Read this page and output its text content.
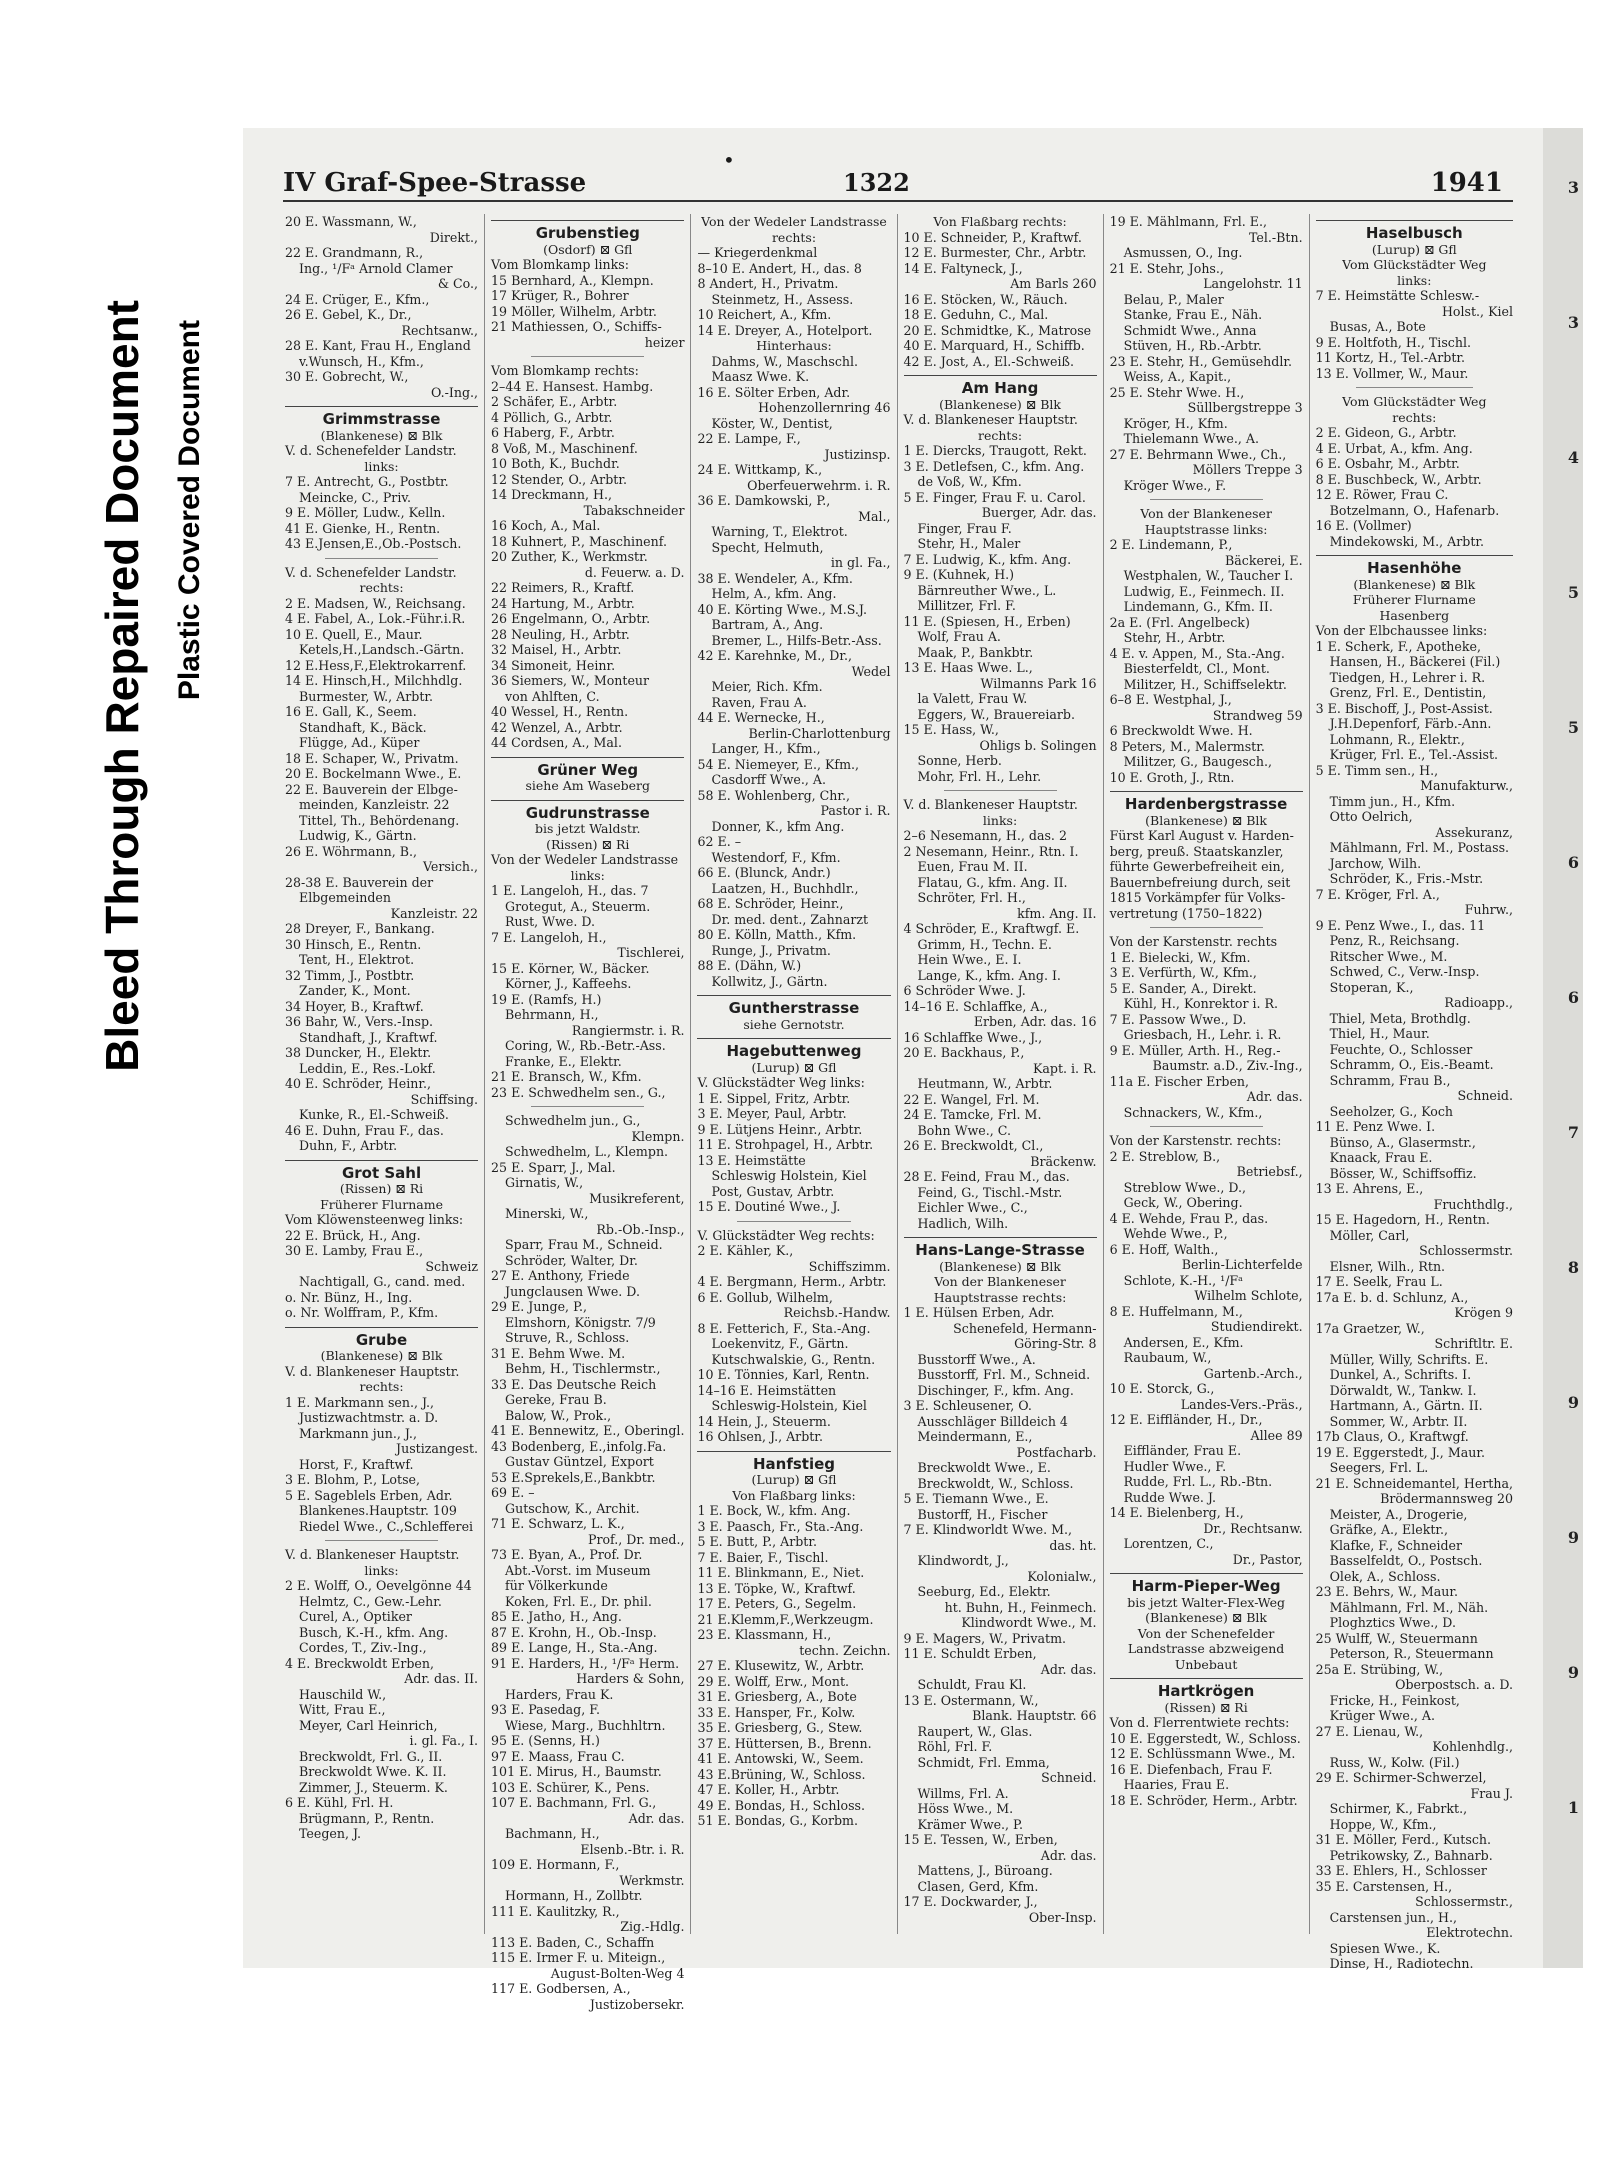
Bleed Through Repaired Document Plastic Covered Document
IV Graf-Spee-Strasse
•
1322	1941
20 E. Wassmann, W.,
Direkt.,
22 E. Grandmann, R.,
Ing., ¹/Fᵃ Arnold Clamer
& Co.,
24 E. Crüger, E., Kfm.,
26 E. Gebel, K., Dr.,
Rechtsanw.,
28 E. Kant, Frau H., England
v.Wunsch, H., Kfm.,
30 E. Gobrecht, W.,
O.-Ing.,
Grimmstrasse
(Blankenese) ⊠ Blk
V. d. Schenefelder Landstr.
links:
7 E. Antrecht, G., Postbtr.
Meincke, C., Priv.
9 E. Möller, Ludw., Kelln.
41 E. Gienke, H., Rentn.
43 E.Jensen,E.,Ob.-Postsch.
V. d. Schenefelder Landstr.
rechts:
2 E. Madsen, W., Reichsang.
4 E. Fabel, A., Lok.-Führ.i.R.
10 E. Quell, E., Maur.
Ketels,H.,Landsch.-Gärtn.
12 E.Hess,F.,Elektrokarrenf.
14 E. Hinsch,H., Milchhdlg.
Burmester, W., Arbtr.
16 E. Gall, K., Seem.
Standhaft, K., Bäck.
Flügge, Ad., Küper
18 E. Schaper, W., Privatm.
20 E. Bockelmann Wwe., E.
22 E. Bauverein der Elbge-
meinden, Kanzleistr. 22
Tittel, Th., Behördenang.
Ludwig, K., Gärtn.
26 E. Wöhrmann, B.,
Versich.,
28-38 E. Bauverein der
Elbgemeinden
Kanzleistr. 22
28 Dreyer, F., Bankang.
30 Hinsch, E., Rentn.
Tent, H., Elektrot.
32 Timm, J., Postbtr.
Zander, K., Mont.
34 Hoyer, B., Kraftwf.
36 Bahr, W., Vers.-Insp.
Standhaft, J., Kraftwf.
38 Duncker, H., Elektr.
Leddin, E., Res.-Lokf.
40 E. Schröder, Heinr.,
Schiffsing.
Kunke, R., El.-Schweiß.
46 E. Duhn, Frau F., das.
Duhn, F., Arbtr.
Grot Sahl
(Rissen) ⊠ Ri
Früherer Flurname
Vom Klöwensteenweg links:
22 E. Brück, H., Ang.
30 E. Lamby, Frau E.,
Schweiz
Nachtigall, G., cand. med.
o. Nr. Bünz, H., Ing.
o. Nr. Wolffram, P., Kfm.
Grube
(Blankenese) ⊠ Blk
V. d. Blankeneser Hauptstr.
rechts:
1 E. Markmann sen., J.,
Justizwachtmstr. a. D.
Markmann jun., J.,
Justizangest.
Horst, F., Kraftwf.
3 E. Blohm, P., Lotse,
5 E. Sageblels Erben, Adr.
Blankenes.Hauptstr. 109
Riedel Wwe., C.,Schlefferei
V. d. Blankeneser Hauptstr.
links:
2 E. Wolff, O., Oevelgönne 44
Helmtz, C., Gew.-Lehr.
Curel, A., Optiker
Busch, K.-H., kfm. Ang.
Cordes, T., Ziv.-Ing.,
4 E. Breckwoldt Erben,
Adr. das. II.
Hauschild W.,
Witt, Frau E.,
Meyer, Carl Heinrich,
i. gl. Fa., I.
Breckwoldt, Frl. G., II.
Breckwoldt Wwe. K. II.
Zimmer, J., Steuerm. K.
6 E. Kühl, Frl. H.
Brügmann, P., Rentn.
Teegen, J.
Grubenstieg
(Osdorf) ⊠ Gfl
Vom Blomkamp links:
15 Bernhard, A., Klempn.
17 Krüger, R., Bohrer
19 Möller, Wilhelm, Arbtr.
21 Mathiessen, O., Schiffs-
heizer
Vom Blomkamp rechts:
2–44 E. Hansest. Hambg.
2 Schäfer, E., Arbtr.
4 Pöllich, G., Arbtr.
6 Haberg, F., Arbtr.
8 Voß, M., Maschinenf.
10 Both, K., Buchdr.
12 Stender, O., Arbtr.
14 Dreckmann, H.,
Tabakschneider
16 Koch, A., Mal.
18 Kuhnert, P., Maschinenf.
20 Zuther, K., Werkmstr.
d. Feuerw. a. D.
22 Reimers, R., Kraftf.
24 Hartung, M., Arbtr.
26 Engelmann, O., Arbtr.
28 Neuling, H., Arbtr.
32 Maisel, H., Arbtr.
34 Simoneit, Heinr.
36 Siemers, W., Monteur
von Ahlften, C.
40 Wessel, H., Rentn.
42 Wenzel, A., Arbtr.
44 Cordsen, A., Mal.
Grüner Weg
siehe Am Waseberg
Gudrunstrasse
bis jetzt Waldstr.
(Rissen) ⊠ Ri
Von der Wedeler Landstrasse
links:
1 E. Langeloh, H., das. 7
Grotegut, A., Steuerm.
Rust, Wwe. D.
7 E. Langeloh, H.,
Tischlerei,
15 E. Körner, W., Bäcker.
Körner, J., Kaffeehs.
19 E. (Ramfs, H.)
Behrmann, H.,
Rangiermstr. i. R.
Coring, W., Rb.-Betr.-Ass.
Franke, E., Elektr.
21 E. Bransch, W., Kfm.
23 E. Schwedhelm sen., G.,
Schwedhelm jun., G.,
Klempn.
Schwedhelm, L., Klempn.
25 E. Sparr, J., Mal.
Girnatis, W.,
Musikreferent,
Minerski, W.,
Rb.-Ob.-Insp.,
Sparr, Frau M., Schneid.
Schröder, Walter, Dr.
27 E. Anthony, Friede
Jungclausen Wwe. D.
29 E. Junge, P.,
Elmshorn, Königstr. 7/9
Struve, R., Schloss.
31 E. Behm Wwe. M.
Behm, H., Tischlermstr.,
33 E. Das Deutsche Reich
Gereke, Frau B.
Balow, W., Prok.,
41 E. Bennewitz, E., Oberingl.
43 Bodenberg, E.,infolg.Fa.
Gustav Güntzel, Export
53 E.Sprekels,E.,Bankbtr.
69 E. –
Gutschow, K., Archit.
71 E. Schwarz, L. K.,
Prof., Dr. med.,
73 E. Byan, A., Prof. Dr.
Abt.-Vorst. im Museum
für Völkerkunde
Koken, Frl. E., Dr. phil.
85 E. Jatho, H., Ang.
87 E. Krohn, H., Ob.-Insp.
89 E. Lange, H., Sta.-Ang.
91 E. Harders, H., ¹/Fᵃ Herm.
Harders & Sohn,
Harders, Frau K.
93 E. Pasedag, F.
Wiese, Marg., Buchhltrn.
95 E. (Senns, H.)
97 E. Maass, Frau C.
101 E. Mirus, H., Baumstr.
103 E. Schürer, K., Pens.
107 E. Bachmann, Frl. G.,
Adr. das.
Bachmann, H.,
Elsenb.-Btr. i. R.
109 E. Hormann, F.,
Werkmstr.
Hormann, H., Zollbtr.
111 E. Kaulitzky, R.,
Zig.-Hdlg.
113 E. Baden, C., Schaffn
115 E. Irmer F. u. Miteign.,
August-Bolten-Weg 4
117 E. Godbersen, A.,
Justizobersekr.
Von der Wedeler Landstrasse
rechts:
— Kriegerdenkmal
8–10 E. Andert, H., das. 8
8 Andert, H., Privatm.
Steinmetz, H., Assess.
10 Reichert, A., Kfm.
14 E. Dreyer, A., Hotelport.
Hinterhaus:
Dahms, W., Maschschl.
Maasz Wwe. K.
16 E. Sölter Erben, Adr.
Hohenzollernring 46
Köster, W., Dentist,
22 E. Lampe, F.,
Justizinsp.
24 E. Wittkamp, K.,
Oberfeuerwehrm. i. R.
36 E. Damkowski, P.,
Mal.,
Warning, T., Elektrot.
Specht, Helmuth,
in gl. Fa.,
38 E. Wendeler, A., Kfm.
Helm, A., kfm. Ang.
40 E. Körting Wwe., M.S.J.
Bartram, A., Ang.
Bremer, L., Hilfs-Betr.-Ass.
42 E. Karehnke, M., Dr.,
Wedel
Meier, Rich. Kfm.
Raven, Frau A.
44 E. Wernecke, H.,
Berlin-Charlottenburg
Langer, H., Kfm.,
54 E. Niemeyer, E., Kfm.,
Casdorff Wwe., A.
58 E. Wohlenberg, Chr.,
Pastor i. R.
Donner, K., kfm Ang.
62 E. –
Westendorf, F., Kfm.
66 E. (Blunck, Andr.)
Laatzen, H., Buchhdlr.,
68 E. Schröder, Heinr.,
Dr. med. dent., Zahnarzt
80 E. Kölln, Matth., Kfm.
Runge, J., Privatm.
88 E. (Dähn, W.)
Kollwitz, J., Gärtn.
Guntherstrasse
siehe Gernotstr.
Hagebuttenweg
(Lurup) ⊠ Gfl
V. Glückstädter Weg links:
1 E. Sippel, Fritz, Arbtr.
3 E. Meyer, Paul, Arbtr.
9 E. Lütjens Heinr., Arbtr.
11 E. Strohpagel, H., Arbtr.
13 E. Heimstätte
Schleswig Holstein, Kiel
Post, Gustav, Arbtr.
15 E. Doutiné Wwe., J.
V. Glückstädter Weg rechts:
2 E. Kähler, K.,
Schiffszimm.
4 E. Bergmann, Herm., Arbtr.
6 E. Gollub, Wilhelm,
Reichsb.-Handw.
8 E. Fetterich, F., Sta.-Ang.
Loekenvitz, F., Gärtn.
Kutschwalskie, G., Rentn.
10 E. Tönnies, Karl, Rentn.
14–16 E. Heimstätten
Schleswig-Holstein, Kiel
14 Hein, J., Steuerm.
16 Ohlsen, J., Arbtr.
Hanfstieg
(Lurup) ⊠ Gfl
Von Flaßbarg links:
1 E. Bock, W., kfm. Ang.
3 E. Paasch, Fr., Sta.-Ang.
5 E. Butt, P., Arbtr.
7 E. Baier, F., Tischl.
11 E. Blinkmann, E., Niet.
13 E. Töpke, W., Kraftwf.
17 E. Peters, G., Segelm.
21 E.Klemm,F.,Werkzeugm.
23 E. Klassmann, H.,
techn. Zeichn.
27 E. Klusewitz, W., Arbtr.
29 E. Wolff, Erw., Mont.
31 E. Griesberg, A., Bote
33 E. Hansper, Fr., Kolw.
35 E. Griesberg, G., Stew.
37 E. Hüttersen, B., Brenn.
41 E. Antowski, W., Seem.
43 E.Brüning, W., Schloss.
47 E. Koller, H., Arbtr.
49 E. Bondas, H., Schloss.
51 E. Bondas, G., Korbm.
Von Flaßbarg rechts:
10 E. Schneider, P., Kraftwf.
12 E. Burmester, Chr., Arbtr.
14 E. Faltyneck, J.,
Am Barls 260
16 E. Stöcken, W., Räuch.
18 E. Geduhn, C., Mal.
20 E. Schmidtke, K., Matrose
40 E. Marquard, H., Schiffb.
42 E. Jost, A., El.-Schweiß.
Am Hang
(Blankenese) ⊠ Blk
V. d. Blankeneser Hauptstr.
rechts:
1 E. Diercks, Traugott, Rekt.
3 E. Detlefsen, C., kfm. Ang.
de Voß, W., Kfm.
5 E. Finger, Frau F. u. Carol.
Buerger, Adr. das.
Finger, Frau F.
Stehr, H., Maler
7 E. Ludwig, K., kfm. Ang.
9 E. (Kuhnek, H.)
Bärnreuther Wwe., L.
Millitzer, Frl. F.
11 E. (Spiesen, H., Erben)
Wolf, Frau A.
Maak, P., Bankbtr.
13 E. Haas Wwe. L.,
Wilmanns Park 16
la Valett, Frau W.
Eggers, W., Brauereiarb.
15 E. Hass, W.,
Ohligs b. Solingen
Sonne, Herb.
Mohr, Frl. H., Lehr.
V. d. Blankeneser Hauptstr.
links:
2–6 Nesemann, H., das. 2
2 Nesemann, Heinr., Rtn. I.
Euen, Frau M. II.
Flatau, G., kfm. Ang. II.
Schröter, Frl. H.,
kfm. Ang. II.
4 Schröder, E., Kraftwgf. E.
Grimm, H., Techn. E.
Hein Wwe., E. I.
Lange, K., kfm. Ang. I.
6 Schröder Wwe. J.
14–16 E. Schlaffke, A.,
Erben, Adr. das. 16
16 Schlaffke Wwe., J.,
20 E. Backhaus, P.,
Kapt. i. R.
Heutmann, W., Arbtr.
22 E. Wangel, Frl. M.
24 E. Tamcke, Frl. M.
Bohn Wwe., C.
26 E. Breckwoldt, Cl.,
Bräckenw.
28 E. Feind, Frau M., das.
Feind, G., Tischl.-Mstr.
Eichler Wwe., C.,
Hadlich, Wilh.
Hans-Lange-Strasse
(Blankenese) ⊠ Blk
Von der Blankeneser
Hauptstrasse rechts:
1 E. Hülsen Erben, Adr.
Schenefeld, Hermann-
Göring-Str. 8
Busstorff Wwe., A.
Busstorff, Frl. M., Schneid.
Dischinger, F., kfm. Ang.
3 E. Schleusener, O.
Ausschläger Billdeich 4
Meindermann, E.,
Postfacharb.
Breckwoldt Wwe., E.
Breckwoldt, W., Schloss.
5 E. Tiemann Wwe., E.
Bustorff, H., Fischer
7 E. Klindworldt Wwe. M.,
das. ht.
Klindwordt, J.,
Kolonialw.,
Seeburg, Ed., Elektr.
ht. Buhn, H., Feinmech.
Klindwordt Wwe., M.
9 E. Magers, W., Privatm.
11 E. Schuldt Erben,
Adr. das.
Schuldt, Frau Kl.
13 E. Ostermann, W.,
Blank. Hauptstr. 66
Raupert, W., Glas.
Röhl, Frl. F.
Schmidt, Frl. Emma,
Schneid.
Willms, Frl. A.
Höss Wwe., M.
Krämer Wwe., P.
15 E. Tessen, W., Erben,
Adr. das.
Mattens, J., Büroang.
Clasen, Gerd, Kfm.
17 E. Dockwarder, J.,
Ober-Insp.
19 E. Mählmann, Frl. E.,
Tel.-Btn.
Asmussen, O., Ing.
21 E. Stehr, Johs.,
Langelohstr. 11
Belau, P., Maler
Stanke, Frau E., Näh.
Schmidt Wwe., Anna
Stüven, H., Rb.-Arbtr.
23 E. Stehr, H., Gemüsehdlr.
Weiss, A., Kapit.,
25 E. Stehr Wwe. H.,
Süllbergstreppe 3
Kröger, H., Kfm.
Thielemann Wwe., A.
27 E. Behrmann Wwe., Ch.,
Möllers Treppe 3
Kröger Wwe., F.
Von der Blankeneser
Hauptstrasse links:
2 E. Lindemann, P.,
Bäckerei, E.
Westphalen, W., Taucher I.
Ludwig, E., Feinmech. II.
Lindemann, G., Kfm. II.
2a E. (Frl. Angelbeck)
Stehr, H., Arbtr.
4 E. v. Appen, M., Sta.-Ang.
Biesterfeldt, Cl., Mont.
Militzer, H., Schiffselektr.
6–8 E. Westphal, J.,
Strandweg 59
6 Breckwoldt Wwe. H.
8 Peters, M., Malermstr.
Militzer, G., Baugesch.,
10 E. Groth, J., Rtn.
Hardenbergstrasse
(Blankenese) ⊠ Blk
Fürst Karl August v. Harden-
berg, preuß. Staatskanzler,
führte Gewerbefreiheit ein,
Bauernbefreiung durch, seit
1815 Vorkämpfer für Volks-
vertretung (1750–1822)
Von der Karstenstr. rechts
1 E. Bielecki, W., Kfm.
3 E. Verfürth, W., Kfm.,
5 E. Sander, A., Direkt.
Kühl, H., Konrektor i. R.
7 E. Passow Wwe., D.
Griesbach, H., Lehr. i. R.
9 E. Müller, Arth. H., Reg.-
Baumstr. a.D., Ziv.-Ing.,
11a E. Fischer Erben,
Adr. das.
Schnackers, W., Kfm.,
Von der Karstenstr. rechts:
2 E. Streblow, B.,
Betriebsf.,
Streblow Wwe., D.,
Geck, W., Obering.
4 E. Wehde, Frau P., das.
Wehde Wwe., P.,
6 E. Hoff, Walth.,
Berlin-Lichterfelde
Schlote, K.-H., ¹/Fᵃ
Wilhelm Schlote,
8 E. Huffelmann, M.,
Studiendirekt.
Andersen, E., Kfm.
Raubaum, W.,
Gartenb.-Arch.,
10 E. Storck, G.,
Landes-Vers.-Präs.,
12 E. Eiffländer, H., Dr.,
Allee 89
Eiffländer, Frau E.
Hudler Wwe., F.
Rudde, Frl. L., Rb.-Btn.
Rudde Wwe. J.
14 E. Bielenberg, H.,
Dr., Rechtsanw.
Lorentzen, C.,
Dr., Pastor,
Harm-Pieper-Weg
bis jetzt Walter-Flex-Weg
(Blankenese) ⊠ Blk
Von der Schenefelder
Landstrasse abzweigend
Unbebaut
Hartkrögen
(Rissen) ⊠ Ri
Von d. Flerrentwiete rechts:
10 E. Eggerstedt, W., Schloss.
12 E. Schlüssmann Wwe., M.
16 E. Diefenbach, Frau F.
Haaries, Frau E.
18 E. Schröder, Herm., Arbtr.
Haselbusch
(Lurup) ⊠ Gfl
Vom Glückstädter Weg
links:
7 E. Heimstätte Schlesw.-
Holst., Kiel
Busas, A., Bote
9 E. Holtfoth, H., Tischl.
11 Kortz, H., Tel.-Arbtr.
13 E. Vollmer, W., Maur.
Vom Glückstädter Weg
rechts:
2 E. Gideon, G., Arbtr.
4 E. Urbat, A., kfm. Ang.
6 E. Osbahr, M., Arbtr.
8 E. Buschbeck, W., Arbtr.
12 E. Röwer, Frau C.
Botzelmann, O., Hafenarb.
16 E. (Vollmer)
Mindekowski, M., Arbtr.
Hasenhöhe
(Blankenese) ⊠ Blk
Früherer Flurname
Hasenberg
Von der Elbchaussee links:
1 E. Scherk, F., Apotheke,
Hansen, H., Bäckerei (Fil.)
Tiedgen, H., Lehrer i. R.
Grenz, Frl. E., Dentistin,
3 E. Bischoff, J., Post-Assist.
J.H.Depenforf, Färb.-Ann.
Lohmann, R., Elektr.,
Krüger, Frl. E., Tel.-Assist.
5 E. Timm sen., H.,
Manufakturw.,
Timm jun., H., Kfm.
Otto Oelrich,
Assekuranz,
Mählmann, Frl. M., Postass.
Jarchow, Wilh.
Schröder, K., Fris.-Mstr.
7 E. Kröger, Frl. A.,
Fuhrw.,
9 E. Penz Wwe., I., das. 11
Penz, R., Reichsang.
Ritscher Wwe., M.
Schwed, C., Verw.-Insp.
Stoperan, K.,
Radioapp.,
Thiel, Meta, Brothdlg.
Thiel, H., Maur.
Feuchte, O., Schlosser
Schramm, O., Eis.-Beamt.
Schramm, Frau B.,
Schneid.
Seeholzer, G., Koch
11 E. Penz Wwe. I.
Bünso, A., Glasermstr.,
Knaack, Frau E.
Bösser, W., Schiffsoffiz.
13 E. Ahrens, E.,
Fruchthdlg.,
15 E. Hagedorn, H., Rentn.
Möller, Carl,
Schlossermstr.
Elsner, Wilh., Rtn.
17 E. Seelk, Frau L.
17a E. b. d. Schlunz, A.,
Krögen 9
17a Graetzer, W.,
Schriftltr. E.
Müller, Willy, Schrifts. E.
Dunkel, A., Schrifts. I.
Dörwaldt, W., Tankw. I.
Hartmann, A., Gärtn. II.
Sommer, W., Arbtr. II.
17b Claus, O., Kraftwgf.
19 E. Eggerstedt, J., Maur.
Seegers, Frl. L.
21 E. Schneidemantel, Hertha,
Brödermannsweg 20
Meister, A., Drogerie,
Gräfke, A., Elektr.,
Klafke, F., Schneider
Basselfeldt, O., Postsch.
Olek, A., Schloss.
23 E. Behrs, W., Maur.
Mählmann, Frl. M., Näh.
Ploghztics Wwe., D.
25 Wulff, W., Steuermann
Peterson, R., Steuermann
25a E. Strübing, W.,
Oberpostsch. a. D.
Fricke, H., Feinkost,
Krüger Wwe., A.
27 E. Lienau, W.,
Kohlenhdlg.,
Russ, W., Kolw. (Fil.)
29 E. Schirmer-Schwerzel,
Frau J.
Schirmer, K., Fabrkt.,
Hoppe, W., Kfm.,
31 E. Möller, Ferd., Kutsch.
Petrikowsky, Z., Bahnarb.
33 E. Ehlers, H., Schlosser
35 E. Carstensen, H.,
Schlossermstr.,
Carstensen jun., H.,
Elektrotechn.
Spiesen Wwe., K.
Dinse, H., Radiotechn.
3
3
4
5
5
6
6
7
8
9
9
9
1
